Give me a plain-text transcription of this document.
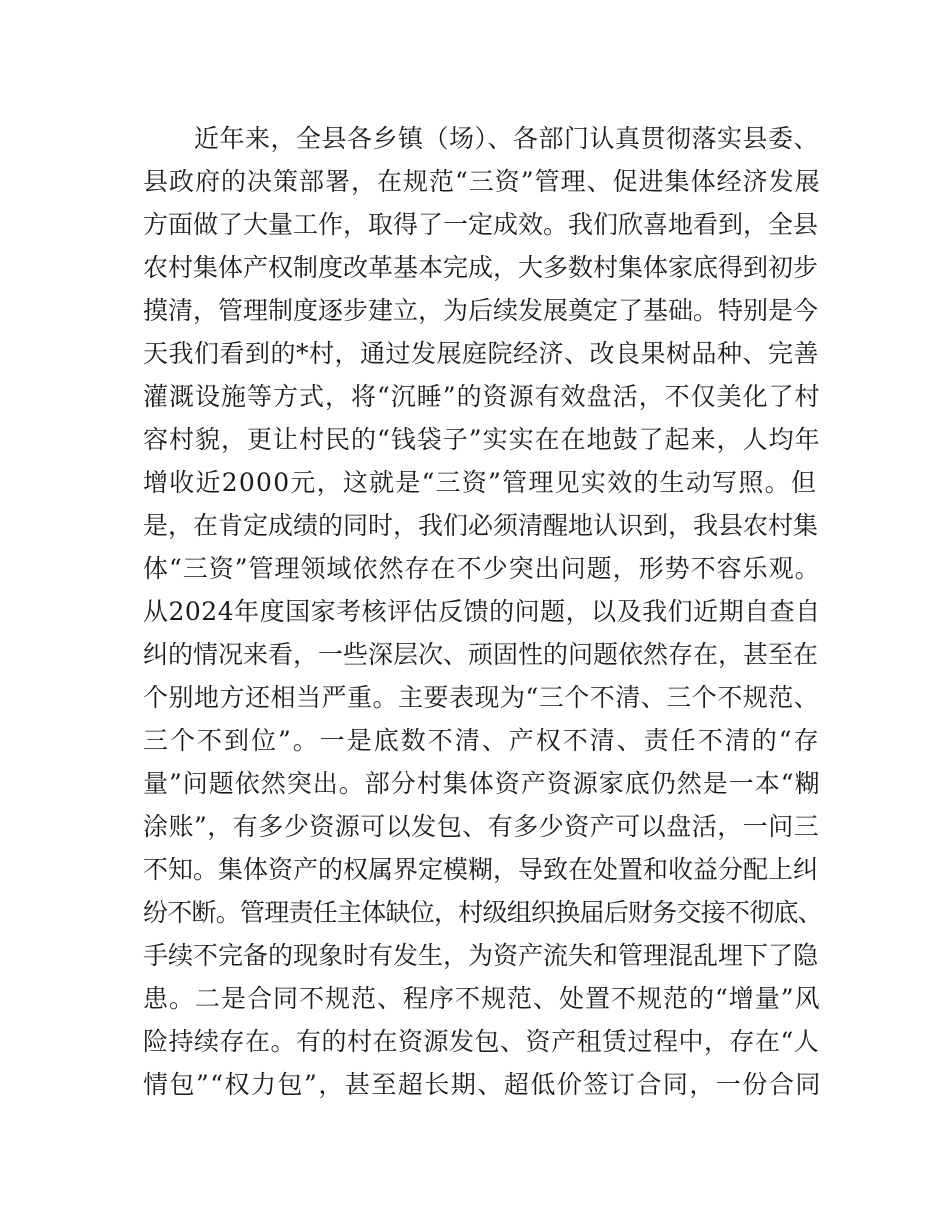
　　近年来，全县各乡镇（场）、各部门认真贯彻落实县委、
县政府的决策部署，在规范“三资”管理、促进集体经济发展
方面做了大量工作，取得了一定成效。我们欣喜地看到，全县
农村集体产权制度改革基本完成，大多数村集体家底得到初步
摸清，管理制度逐步建立，为后续发展奠定了基础。特别是今
天我们看到的*村，通过发展庭院经济、改良果树品种、完善
灌溉设施等方式，将“沉睡”的资源有效盘活，不仅美化了村
容村貌，更让村民的“钱袋子”实实在在地鼓了起来，人均年
增收近2000元，这就是“三资”管理见实效的生动写照。但
是，在肯定成绩的同时，我们必须清醒地认识到，我县农村集
体“三资”管理领域依然存在不少突出问题，形势不容乐观。
从2024年度国家考核评估反馈的问题，以及我们近期自查自
纠的情况来看，一些深层次、顽固性的问题依然存在，甚至在
个别地方还相当严重。主要表现为“三个不清、三个不规范、
三个不到位”。一是底数不清、产权不清、责任不清的“存
量”问题依然突出。部分村集体资产资源家底仍然是一本“糊
涂账”，有多少资源可以发包、有多少资产可以盘活，一问三
不知。集体资产的权属界定模糊，导致在处置和收益分配上纠
纷不断。管理责任主体缺位，村级组织换届后财务交接不彻底、
手续不完备的现象时有发生，为资产流失和管理混乱埋下了隐
患。二是合同不规范、程序不规范、处置不规范的“增量”风
险持续存在。有的村在资源发包、资产租赁过程中，存在“人
情包”“权力包”，甚至超长期、超低价签订合同，一份合同
